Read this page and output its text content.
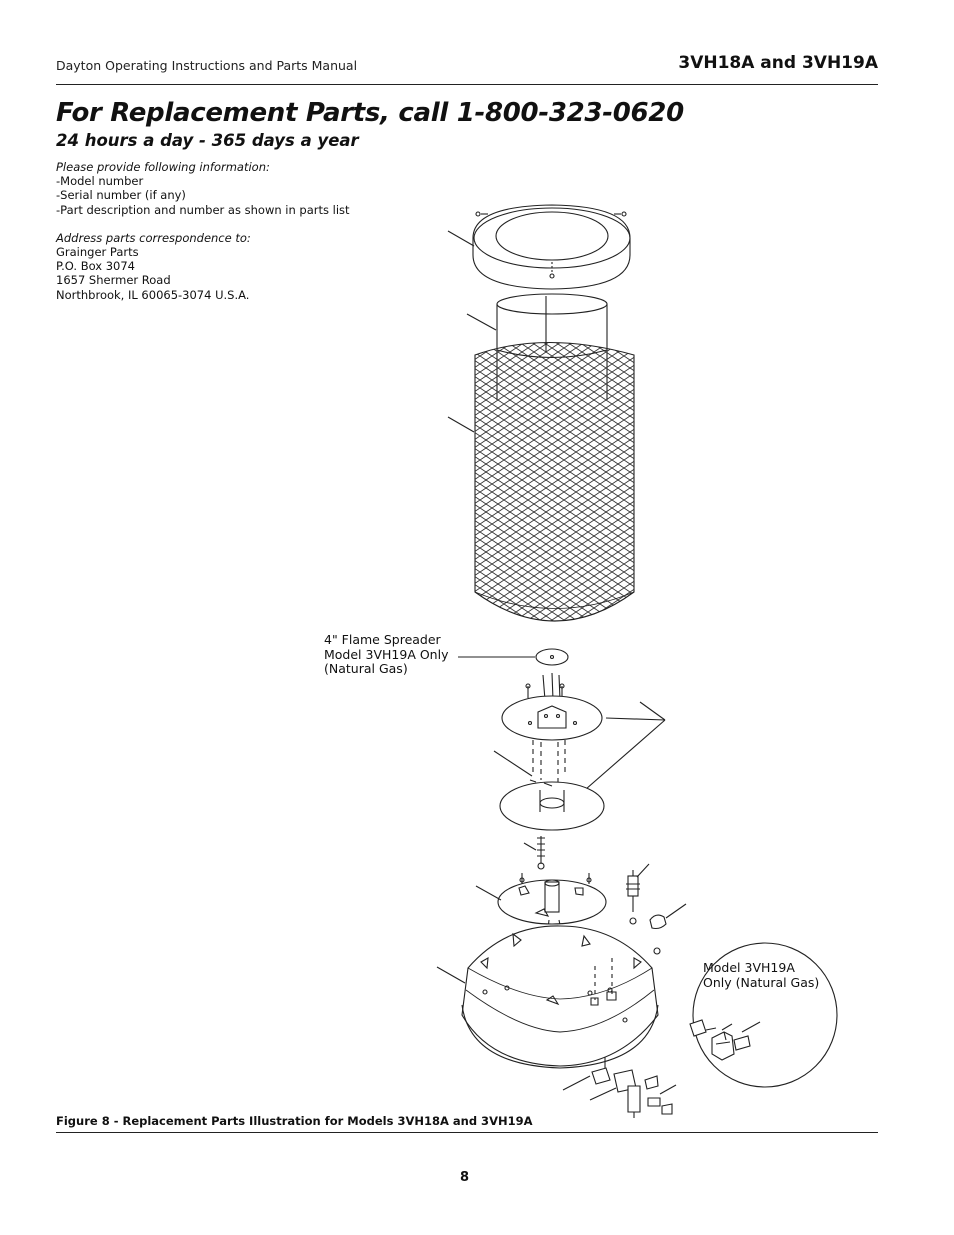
Dayton Operating Instructions and Parts Manual	3VH18A and 3VH19A
For Replacement Parts, call 1-800-323-0620
24 hours a day - 365 days a year
Please provide following information:
-Model number
-Serial number (if any)
-Part description and number as shown in parts list
Address parts correspondence to:
Grainger Parts
P.O. Box 3074
1657 Shermer Road
Northbrook, IL 60065-3074 U.S.A.
4" Flame Spreader
Model 3VH19A Only
(Natural Gas)
Model 3VH19A
Only (Natural Gas)
Figure 8 - Replacement Parts Illustration for Models 3VH18A and 3VH19A
8
